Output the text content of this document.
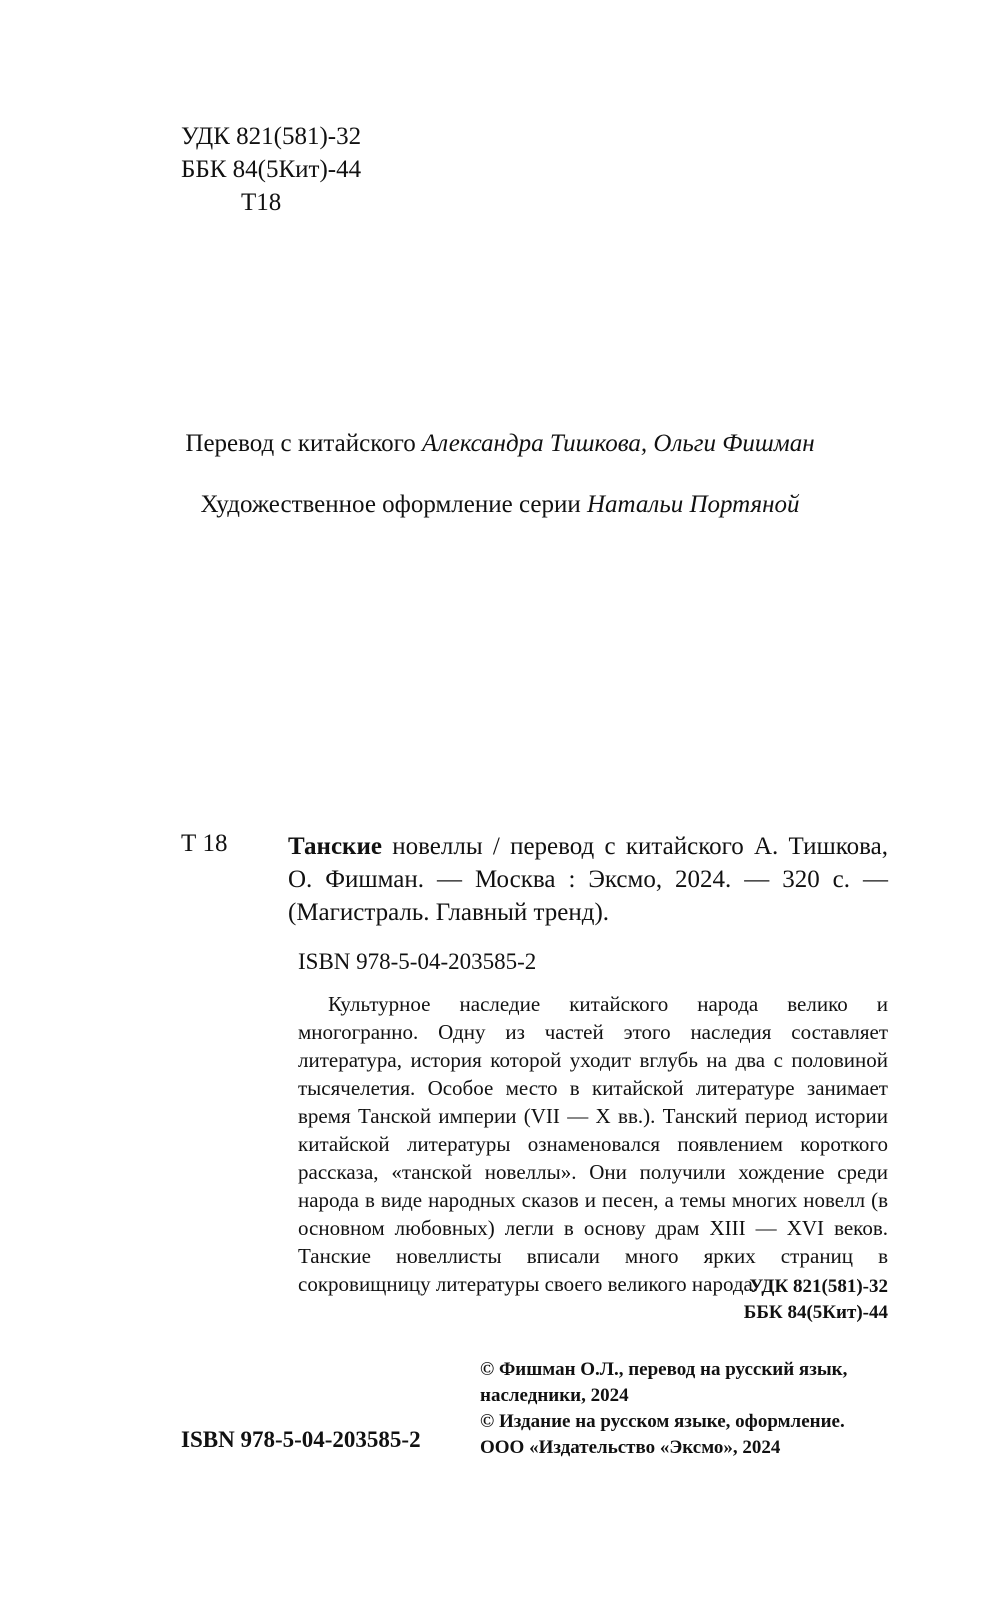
УДК 821(581)-32
ББК 84(5Кит)-44
Т18

Перевод с китайского Александра Тишкова, Ольги Фишман

Художественное оформление серии Натальи Портяной

Т 18 Танские новеллы / перевод с китайского А. Тишкова, О. Фишман. — Москва : Эксмо, 2024. — 320 с. — (Магистраль. Главный тренд).

ISBN 978-5-04-203585-2

Культурное наследие китайского народа велико и многогранно. Одну из частей этого наследия составляет литература, история которой уходит вглубь на два с половиной тысячелетия. Особое место в китайской литературе занимает время Танской империи (VII — X вв.). Танский период истории китайской литературы ознаменовался появлением короткого рассказа, «танской новеллы». Они получили хождение среди народа в виде народных сказов и песен, а темы многих новелл (в основном любовных) легли в основу драм XIII — XVI веков. Танские новеллисты вписали много ярких страниц в сокровищницу литературы своего великого народа.

УДК 821(581)-32
ББК 84(5Кит)-44
© Фишман О.Л., перевод на русский язык,
наследники, 2024
© Издание на русском языке, оформление.
ООО «Издательство «Эксмо», 2024
ISBN 978-5-04-203585-2
